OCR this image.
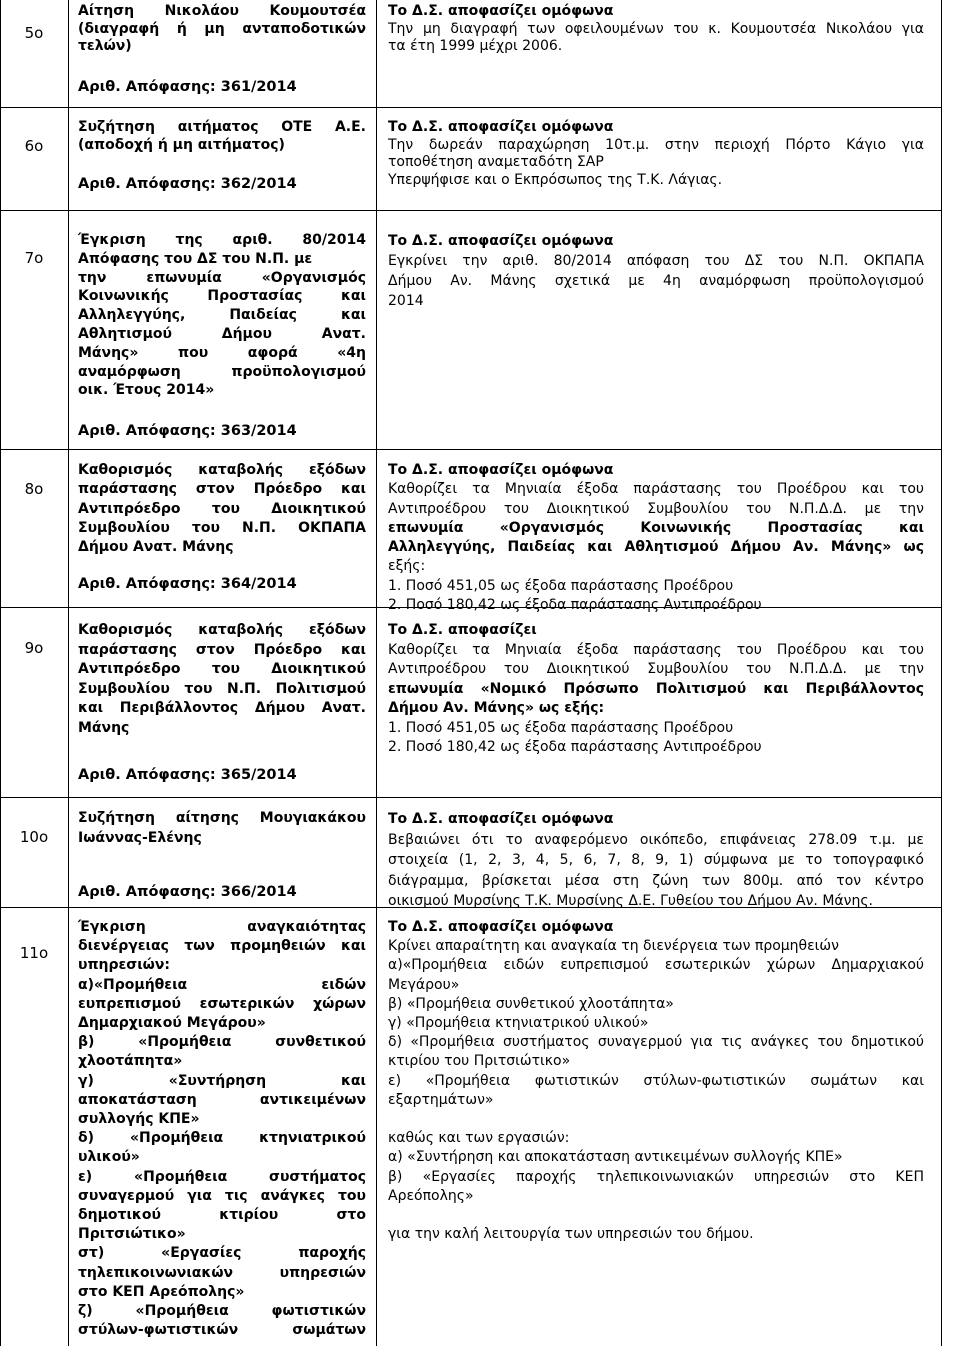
5ο
Αίτηση Νικολάου Κουμουτσέα
(διαγραφή ή μη ανταποδοτικών
τελών)
Το Δ.Σ. αποφασίζει ομόφωνα
Την μη διαγραφή των οφειλουμένων του κ. Κουμουτσέα Νικολάου για
τα έτη 1999 μέχρι 2006.
Αριθ. Απόφασης: 361/2014
6ο
Συζήτηση αιτήματος ΟΤΕ Α.Ε.
(αποδοχή ή μη αιτήματος)
Αριθ. Απόφασης: 362/2014
Το Δ.Σ. αποφασίζει ομόφωνα
Την δωρεάν παραχώρηση 10τ.μ. στην περιοχή Πόρτο Κάγιο για
τοποθέτηση αναμεταδότη ΣΑΡ
Υπερψήφισε και ο Εκπρόσωπος της Τ.Κ. Λάγιας.
7ο
Έγκριση της αριθ. 80/2014
Απόφασης του ΔΣ του Ν.Π. με
την επωνυμία «Οργανισμός
Κοινωνικής Προστασίας και
Αλληλεγγύης, Παιδείας και
Αθλητισμού Δήμου Ανατ.
Μάνης» που αφορά «4η
αναμόρφωση προϋπολογισμού
οικ. Έτους 2014»
Το Δ.Σ. αποφασίζει ομόφωνα
Εγκρίνει την αριθ. 80/2014 απόφαση του ΔΣ του Ν.Π. ΟΚΠΑΠΑ
Δήμου Αν. Μάνης σχετικά με 4η αναμόρφωση προϋπολογισμού
2014
Αριθ. Απόφασης: 363/2014
8ο
Καθορισμός καταβολής εξόδων
παράστασης στον Πρόεδρο και
Αντιπρόεδρο του Διοικητικού
Συμβουλίου του Ν.Π. ΟΚΠΑΠΑ
Δήμου Ανατ. Μάνης
Αριθ. Απόφασης: 364/2014
Το Δ.Σ. αποφασίζει ομόφωνα
Καθορίζει τα Μηνιαία έξοδα παράστασης του Προέδρου και του
Αντιπροέδρου του Διοικητικού Συμβουλίου του Ν.Π.Δ.Δ. με την
επωνυμία «Οργανισμός Κοινωνικής Προστασίας και
Αλληλεγγύης, Παιδείας και Αθλητισμού Δήμου Αν. Μάνης» ως
εξής:
1. Ποσό 451,05 ως έξοδα παράστασης Προέδρου
2. Ποσό 180,42 ως έξοδα παράστασης Αντιπροέδρου
9ο
Καθορισμός καταβολής εξόδων
παράστασης στον Πρόεδρο και
Αντιπρόεδρο του Διοικητικού
Συμβουλίου του Ν.Π. Πολιτισμού
και Περιβάλλοντος Δήμου Ανατ.
Μάνης
Αριθ. Απόφασης: 365/2014
Το Δ.Σ. αποφασίζει
Καθορίζει τα Μηνιαία έξοδα παράστασης του Προέδρου και του
Αντιπροέδρου του Διοικητικού Συμβουλίου του Ν.Π.Δ.Δ. με την
επωνυμία «Νομικό Πρόσωπο Πολιτισμού και Περιβάλλοντος
Δήμου Αν. Μάνης» ως εξής:
1. Ποσό 451,05 ως έξοδα παράστασης Προέδρου
2. Ποσό 180,42 ως έξοδα παράστασης Αντιπροέδρου
10ο
Συζήτηση αίτησης Μουγιακάκου
Ιωάννας-Ελένης
Αριθ. Απόφασης: 366/2014
Το Δ.Σ. αποφασίζει ομόφωνα
Βεβαιώνει ότι το αναφερόμενο οικόπεδο, επιφάνειας 278.09 τ.μ. με
στοιχεία (1, 2, 3, 4, 5, 6, 7, 8, 9, 1) σύμφωνα με το τοπογραφικό
διάγραμμα, βρίσκεται μέσα στη ζώνη των 800μ. από τον κέντρο
οικισμού Μυρσίνης Τ.Κ. Μυρσίνης Δ.Ε. Γυθείου του Δήμου Αν. Μάνης.
11ο
Έγκριση αναγκαιότητας
διενέργειας των προμηθειών και
υπηρεσιών:
α)«Προμήθεια ειδών
ευπρεπισμού εσωτερικών χώρων
Δημαρχιακού Μεγάρου»
β) «Προμήθεια συνθετικού
χλοοτάπητα»
γ) «Συντήρηση και
αποκατάσταση αντικειμένων
συλλογής ΚΠΕ»
δ) «Προμήθεια κτηνιατρικού
υλικού»
ε) «Προμήθεια συστήματος
συναγερμού για τις ανάγκες του
δημοτικού κτιρίου στο
Πριτσιώτικο»
στ) «Εργασίες παροχής
τηλεπικοινωνιακών υπηρεσιών
στο ΚΕΠ Αρεόπολης»
ζ) «Προμήθεια φωτιστικών
στύλων-φωτιστικών σωμάτων
Το Δ.Σ. αποφασίζει ομόφωνα
Κρίνει απαραίτητη και αναγκαία τη διενέργεια των προμηθειών
α)«Προμήθεια ειδών ευπρεπισμού εσωτερικών χώρων Δημαρχιακού
Μεγάρου»
β) «Προμήθεια συνθετικού χλοοτάπητα»
γ) «Προμήθεια κτηνιατρικού υλικού»
δ) «Προμήθεια συστήματος συναγερμού για τις ανάγκες του δημοτικού
κτιρίου του Πριτσιώτικο»
ε) «Προμήθεια φωτιστικών στύλων-φωτιστικών σωμάτων και
εξαρτημάτων»

καθώς και των εργασιών:
α) «Συντήρηση και αποκατάσταση αντικειμένων συλλογής ΚΠΕ»
β) «Εργασίες παροχής τηλεπικοινωνιακών υπηρεσιών στο ΚΕΠ
Αρεόπολης»

για την καλή λειτουργία των υπηρεσιών του δήμου.
